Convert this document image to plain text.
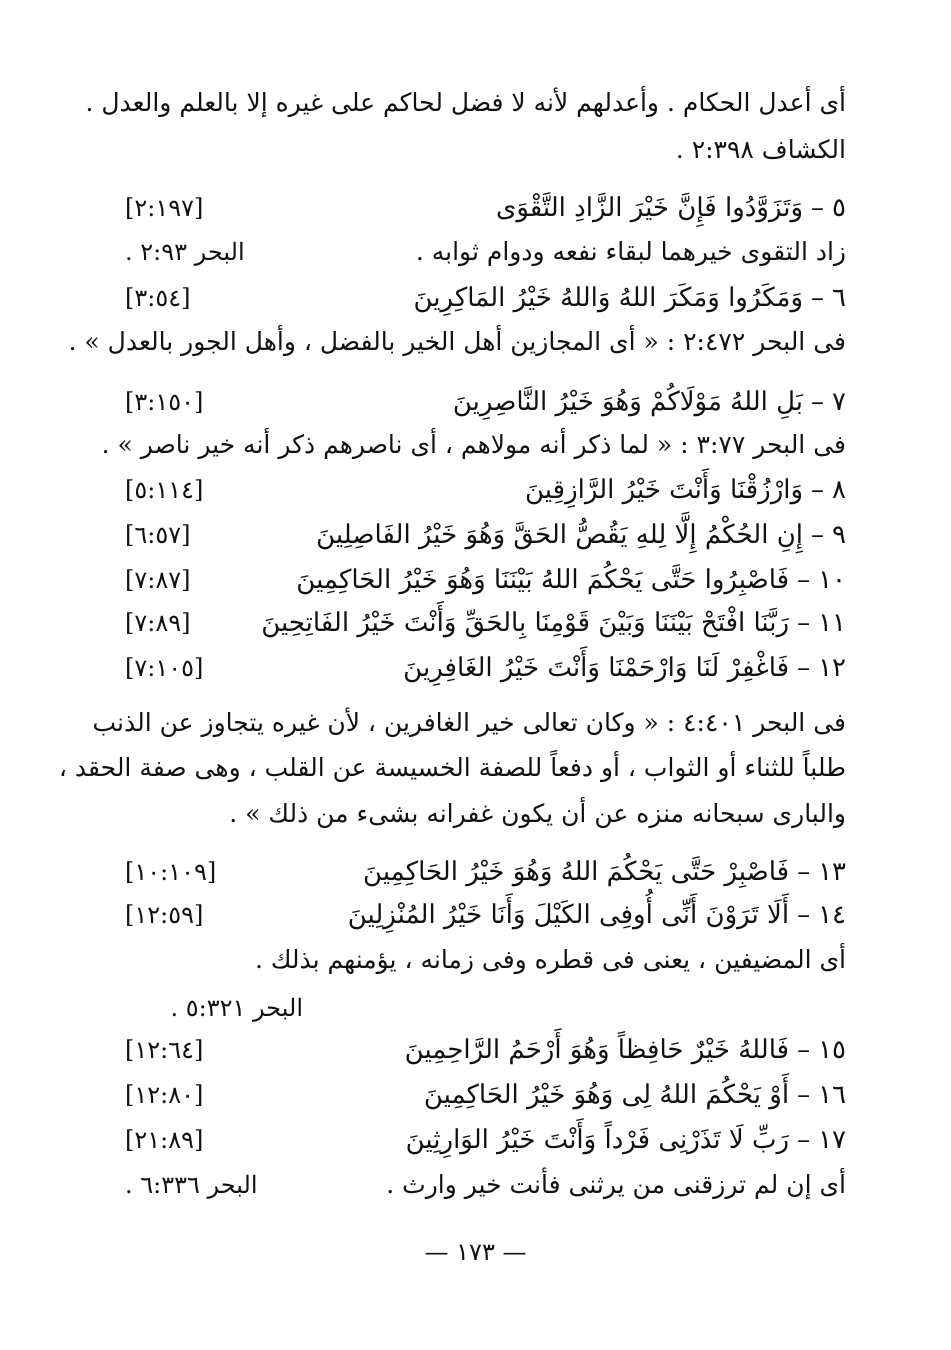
أى أعدل الحكام . وأعدلهم لأنه لا فضل لحاكم على غيره إلا بالعلم والعدل .
الكشاف ٢:٣٩٨ .
٥–وَتَزَوَّدُوا فَإِنَّ خَيْرَ الزَّادِ التَّقْوَى
[٢:١٩٧]
زاد التقوى خيرهما لبقاء نفعه ودوام ثوابه .
البحر ٢:٩٣ .
٦–وَمَكَرُوا وَمَكَرَ اللهُ وَاللهُ خَيْرُ المَاكِرِينَ
[٣:٥٤]
فى البحر ٢:٤٧٢ : « أى المجازين أهل الخير بالفضل ، وأهل الجور بالعدل » .
٧–بَلِ اللهُ مَوْلَاكُمْ وَهُوَ خَيْرُ النَّاصِرِينَ
[٣:١٥٠]
فى البحر ٣:٧٧ : « لما ذكر أنه مولاهم ، أى ناصرهم ذكر أنه خير ناصر » .
٨–وَارْزُقْنَا وَأَنْتَ خَيْرُ الرَّازِقِينَ
[٥:١١٤]
٩–إِنِ الحُكْمُ إِلَّا لِلهِ يَقُصُّ الحَقَّ وَهُوَ خَيْرُ الفَاصِلِينَ
[٦:٥٧]
١٠–فَاصْبِرُوا حَتَّى يَحْكُمَ اللهُ بَيْنَنَا وَهُوَ خَيْرُ الحَاكِمِينَ
[٧:٨٧]
١١–رَبَّنَا افْتَحْ بَيْنَنَا وَبَيْنَ قَوْمِنَا بِالحَقِّ وَأَنْتَ خَيْرُ الفَاتِحِينَ
[٧:٨٩]
١٢–فَاغْفِرْ لَنَا وَارْحَمْنَا وَأَنْتَ خَيْرُ الغَافِرِينَ
[٧:١٠٥]
فى البحر ٤:٤٠١ : « وكان تعالى خير الغافرين ، لأن غيره يتجاوز عن الذنب
طلباً للثناء أو الثواب ، أو دفعاً للصفة الخسيسة عن القلب ، وهى صفة الحقد ،
والبارى سبحانه منزه عن أن يكون غفرانه بشىء من ذلك » .
١٣–فَاصْبِرْ حَتَّى يَحْكُمَ اللهُ وَهُوَ خَيْرُ الحَاكِمِينَ
[١٠:١٠٩]
١٤–أَلَا تَرَوْنَ أَنِّى أُوفِى الكَيْلَ وَأَنَا خَيْرُ المُنْزِلِينَ
[١٢:٥٩]
أى المضيفين ، يعنى فى قطره وفى زمانه ، يؤمنهم بذلك .
البحر ٥:٣٢١ .
١٥–فَاللهُ خَيْرٌ حَافِظاً وَهُوَ أَرْحَمُ الرَّاحِمِينَ
[١٢:٦٤]
١٦–أَوْ يَحْكُمَ اللهُ لِى وَهُوَ خَيْرُ الحَاكِمِينَ
[١٢:٨٠]
١٧–رَبِّ لَا تَذَرْنِى فَرْداً وَأَنْتَ خَيْرُ الوَارِثِينَ
[٢١:٨٩]
أى إن لم ترزقنى من يرثنى فأنت خير وارث .
البحر ٦:٣٣٦ .
— ١٧٣ —
